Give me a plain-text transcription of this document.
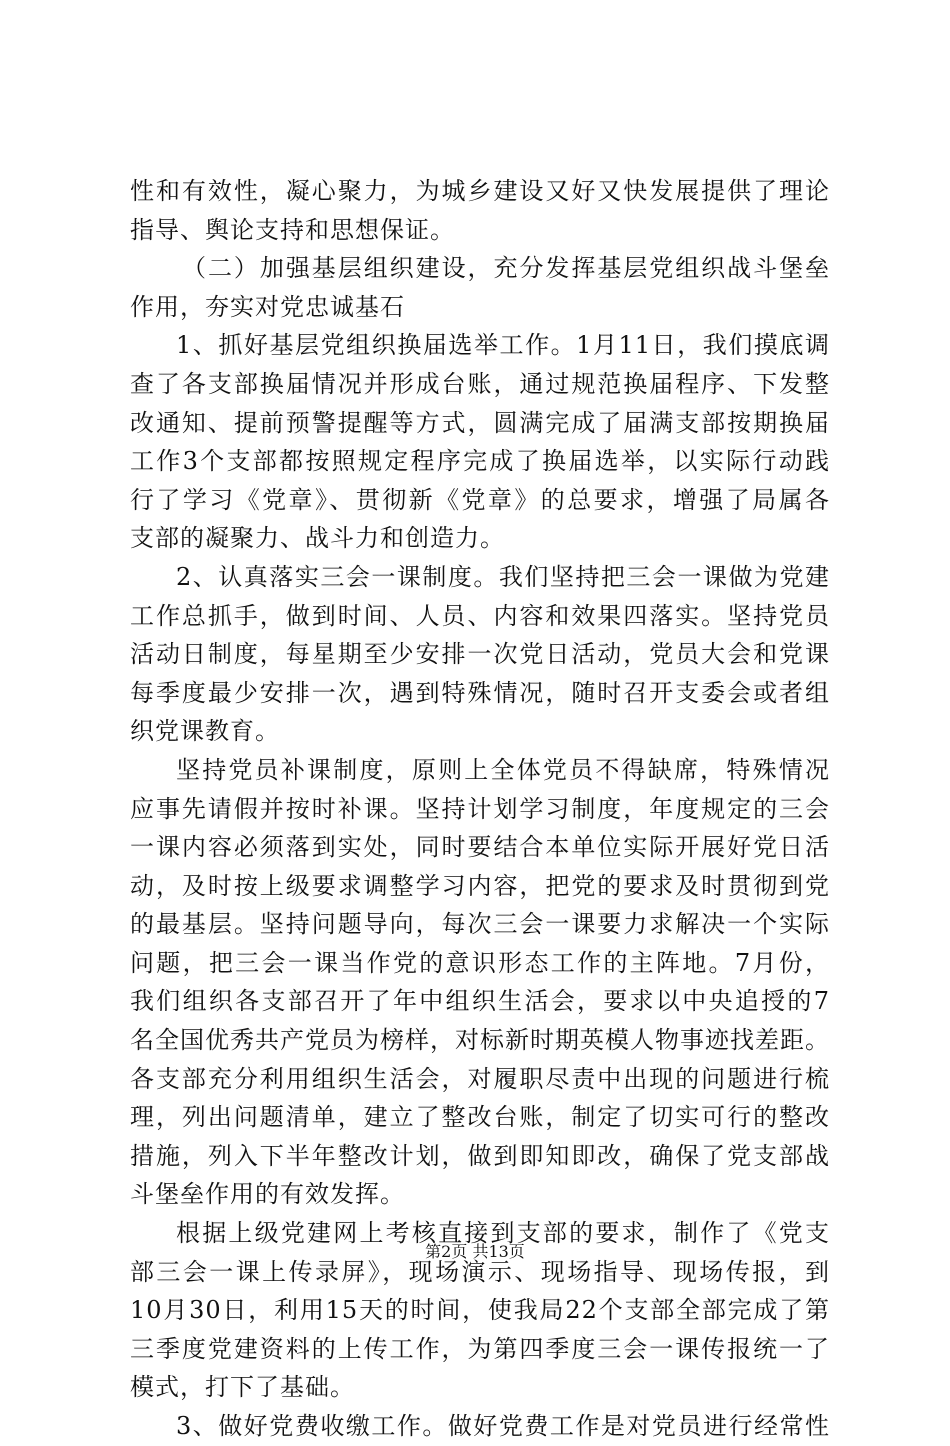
性和有效性，凝心聚力，为城乡建设又好又快发展提供了理论
指导、舆论支持和思想保证。
（二）加强基层组织建设，充分发挥基层党组织战斗堡垒
作用，夯实对党忠诚基石
1、抓好基层党组织换届选举工作。1月11日，我们摸底调
查了各支部换届情况并形成台账，通过规范换届程序、下发整
改通知、提前预警提醒等方式，圆满完成了届满支部按期换届
工作3个支部都按照规定程序完成了换届选举，以实际行动践
行了学习《党章》、贯彻新《党章》的总要求，增强了局属各
支部的凝聚力、战斗力和创造力。
2、认真落实三会一课制度。我们坚持把三会一课做为党建
工作总抓手，做到时间、人员、内容和效果四落实。坚持党员
活动日制度，每星期至少安排一次党日活动，党员大会和党课
每季度最少安排一次，遇到特殊情况，随时召开支委会或者组
织党课教育。
坚持党员补课制度，原则上全体党员不得缺席，特殊情况
应事先请假并按时补课。坚持计划学习制度，年度规定的三会
一课内容必须落到实处，同时要结合本单位实际开展好党日活
动，及时按上级要求调整学习内容，把党的要求及时贯彻到党
的最基层。坚持问题导向，每次三会一课要力求解决一个实际
问题，把三会一课当作党的意识形态工作的主阵地。7月份，
我们组织各支部召开了年中组织生活会，要求以中央追授的7
名全国优秀共产党员为榜样，对标新时期英模人物事迹找差距。
各支部充分利用组织生活会，对履职尽责中出现的问题进行梳
理，列出问题清单，建立了整改台账，制定了切实可行的整改
措施，列入下半年整改计划，做到即知即改，确保了党支部战
斗堡垒作用的有效发挥。
根据上级党建网上考核直接到支部的要求，制作了《党支
部三会一课上传录屏》，现场演示、现场指导、现场传报，到
10月30日，利用15天的时间，使我局22个支部全部完成了第
三季度党建资料的上传工作，为第四季度三会一课传报统一了
模式，打下了基础。
3、做好党费收缴工作。做好党费工作是对党员进行经常性
第2页 共13页
